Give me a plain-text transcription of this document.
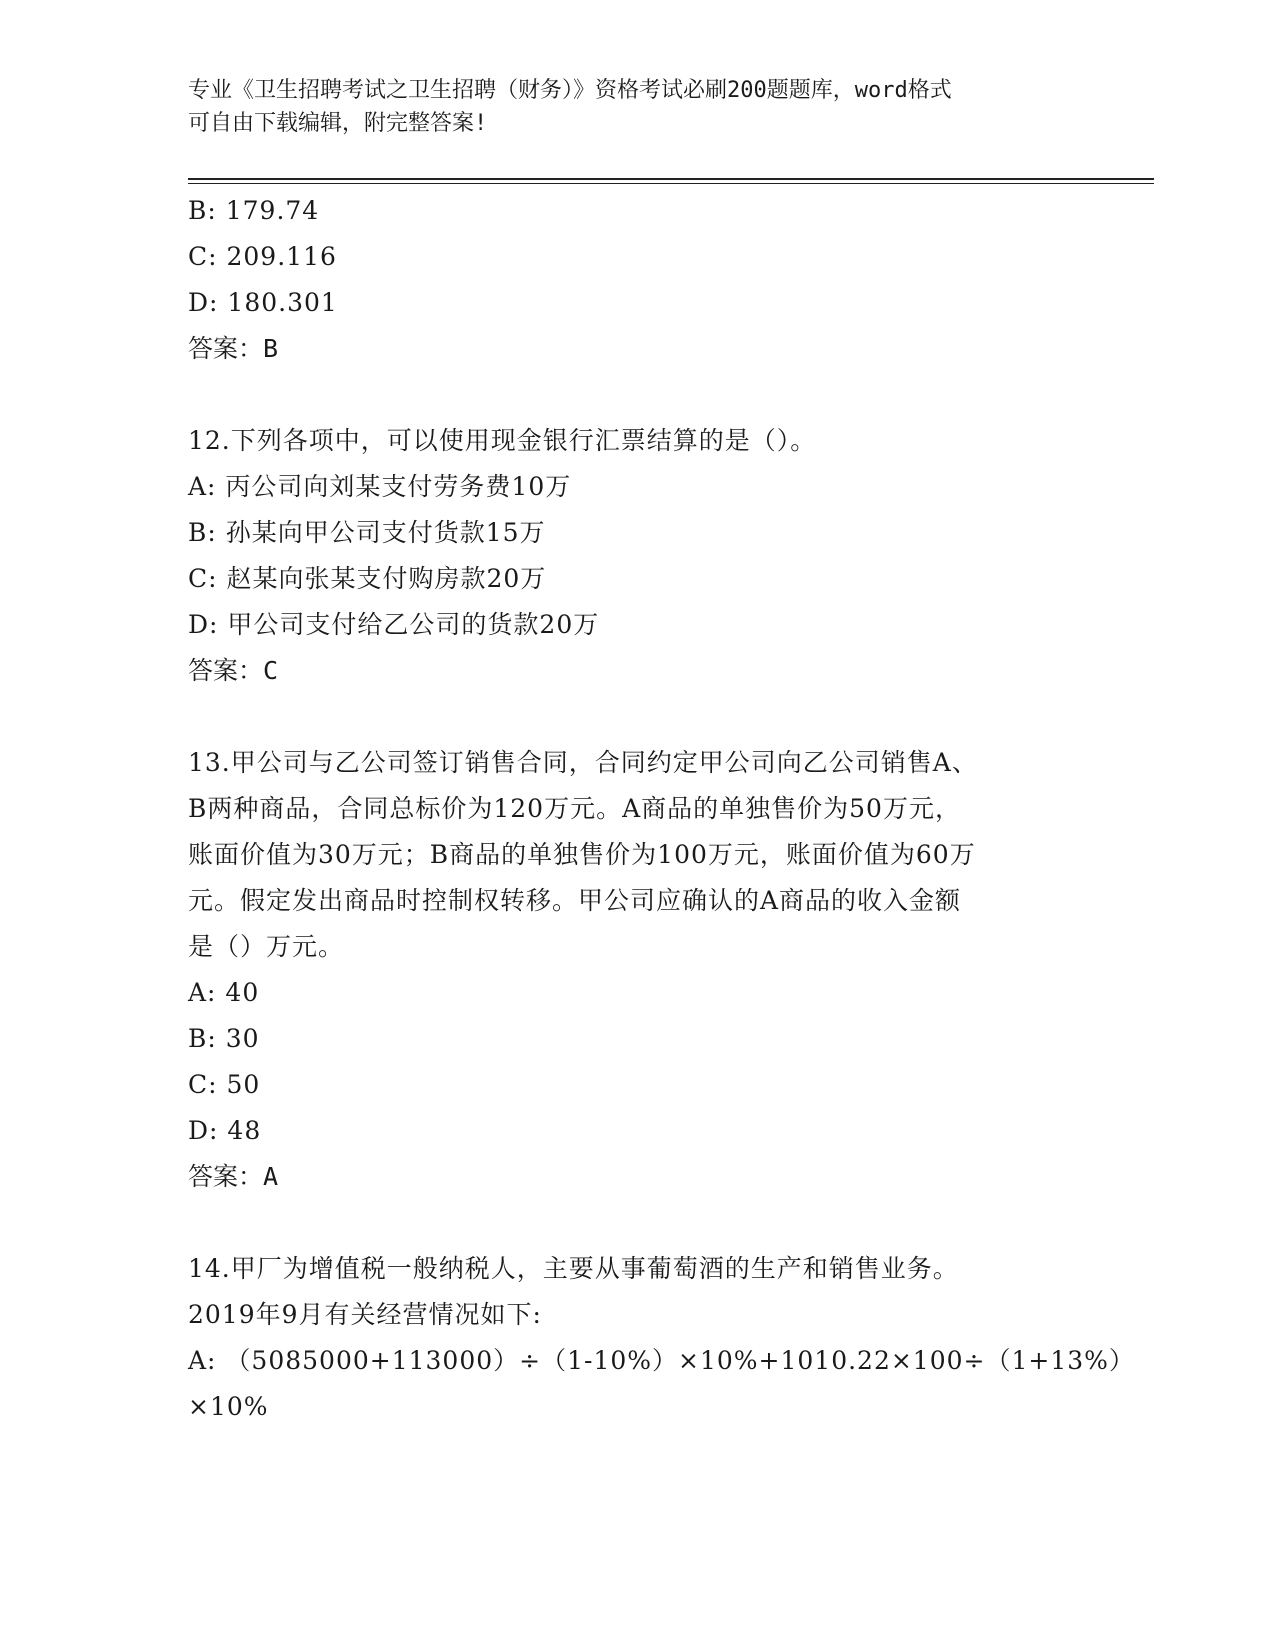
专业《卫生招聘考试之卫生招聘（财务）》资格考试必刷200题题库，word格式
可自由下载编辑，附完整答案!
B: 179.74
C: 209.116
D: 180.301
答案：B
12.下列各项中，可以使用现金银行汇票结算的是（）。
A: 丙公司向刘某支付劳务费10万
B: 孙某向甲公司支付货款15万
C: 赵某向张某支付购房款20万
D: 甲公司支付给乙公司的货款20万
答案：C
13.甲公司与乙公司签订销售合同，合同约定甲公司向乙公司销售A、
B两种商品，合同总标价为120万元。A商品的单独售价为50万元，
账面价值为30万元；B商品的单独售价为100万元，账面价值为60万
元。假定发出商品时控制权转移。甲公司应确认的A商品的收入金额
是（）万元。
A: 40
B: 30
C: 50
D: 48
答案：A
14.甲厂为增值税一般纳税人，主要从事葡萄酒的生产和销售业务。
2019年9月有关经营情况如下:
A: （5085000+113000）÷（1-10%）×10%+1010.22×100÷（1+13%）
×10%
